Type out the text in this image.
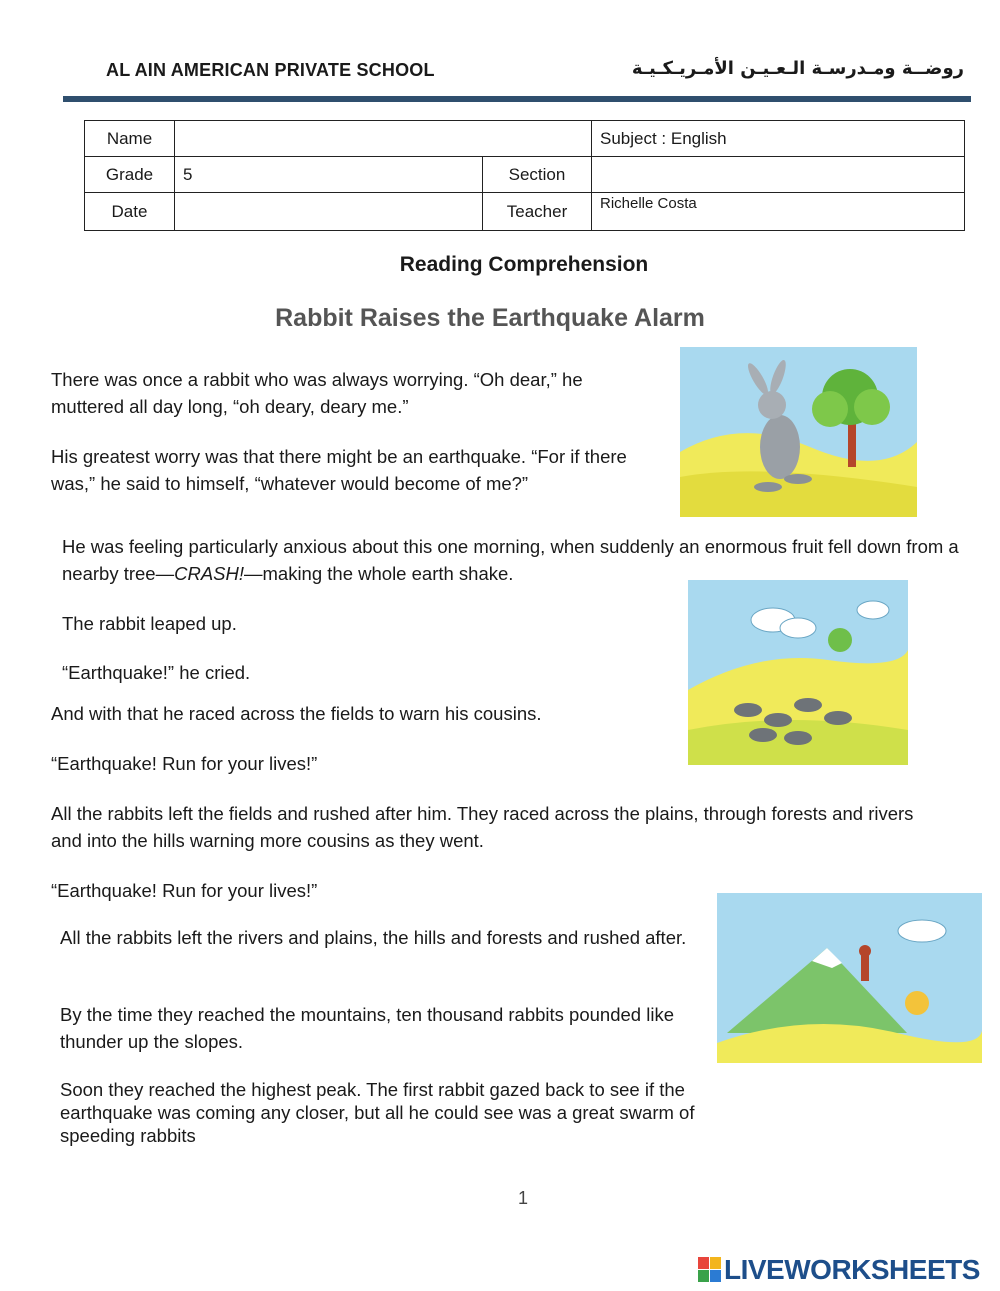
AL AIN AMERICAN PRIVATE SCHOOL	روضــة ومـدرسـة الـعـيـن الأمـريـكـيـة
Name			Subject : English
Grade	5	Section	
Date		Teacher	Richelle Costa
Reading Comprehension
Rabbit Raises the Earthquake Alarm

There was once a rabbit who was always worrying. “Oh dear,” he muttered all day long, “oh deary, deary me.”

His greatest worry was that there might be an earthquake. “For if there was,” he said to himself, “whatever would become of me?”

He was feeling particularly anxious about this one morning, when suddenly an enormous fruit fell down from a nearby tree—CRASH!—making the whole earth shake.

The rabbit leaped up.

“Earthquake!” he cried.

And with that he raced across the fields to warn his cousins.

“Earthquake! Run for your lives!”

All the rabbits left the fields and rushed after him. They raced across the plains, through forests and rivers and into the hills warning more cousins as they went.

“Earthquake! Run for your lives!”

All the rabbits left the rivers and plains, the hills and forests and rushed after.

By the time they reached the mountains, ten thousand rabbits pounded like thunder up the slopes.

Soon they reached the highest peak. The first rabbit gazed back to see if the earthquake was coming any closer, but all he could see was a great swarm of speeding rabbits

1
LIVEWORKSHEETS
